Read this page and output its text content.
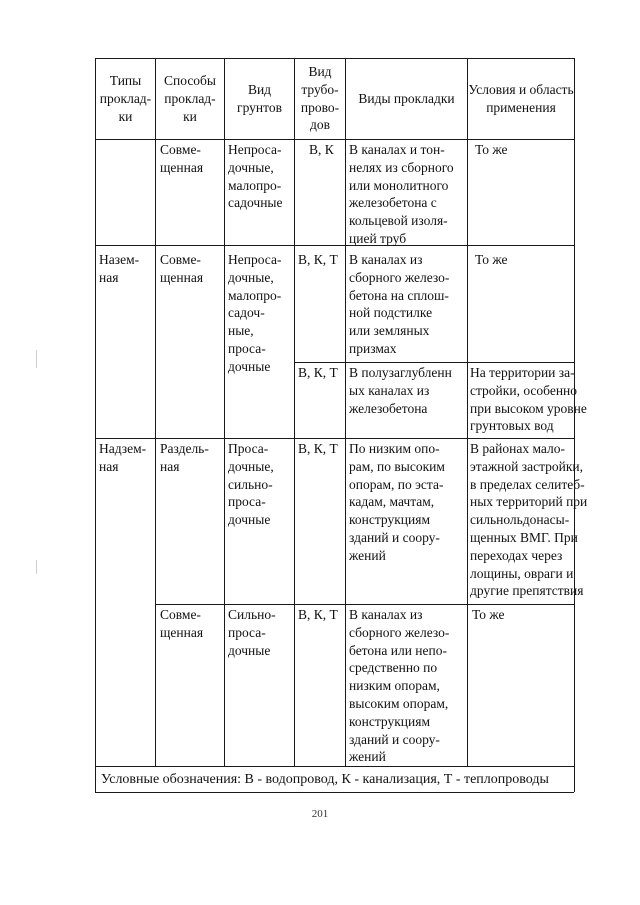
Типы
проклад-
ки
Способы
проклад-
ки
Вид
грунтов
Вид
трубо-
прово-
дов
Виды прокладки
Условия и область
применения
Совме-
щенная
Непроса-
дочные,
малопро-
садочные
В, К В каналах и тон-
нелях из сборного
или монолитного
железобетона с
кольцевой изоля-
цией труб
То же
Назем-
ная
Совме-
щенная
Непроса-
дочные,
малопро-
садоч-
ные,
проса-
дочные
В, К, Т В каналах из
сборного железо-
бетона на сплош-
ной подстилке
или земляных
призмах
То же
В, К, Т В полузаглубленн
ых каналах из
железобетона
На территории за-
стройки, особенно
при высоком уровне
грунтовых вод
Надзем-
ная
Раздель-
ная
Проса-
дочные,
сильно-
проса-
дочные
В, К, Т По низким опо-
рам, по высоким
опорам, по эста-
кадам, мачтам,
конструкциям
зданий и соору-
жений
В районах мало-
этажной застройки,
в пределах селитеб-
ных территорий при
сильнольдонасы-
щенных ВМГ. При
переходах через
лощины, овраги и
другие препятствия
Совме-
щенная
Сильно-
проса-
дочные
В, К, Т В каналах из
сборного железо-
бетона или непо-
средственно по
низким опорам,
высоким опорам,
конструкциям
зданий и соору-
жений
То же
Условные обозначения: В - водопровод, К - канализация, Т - теплопроводы
201
